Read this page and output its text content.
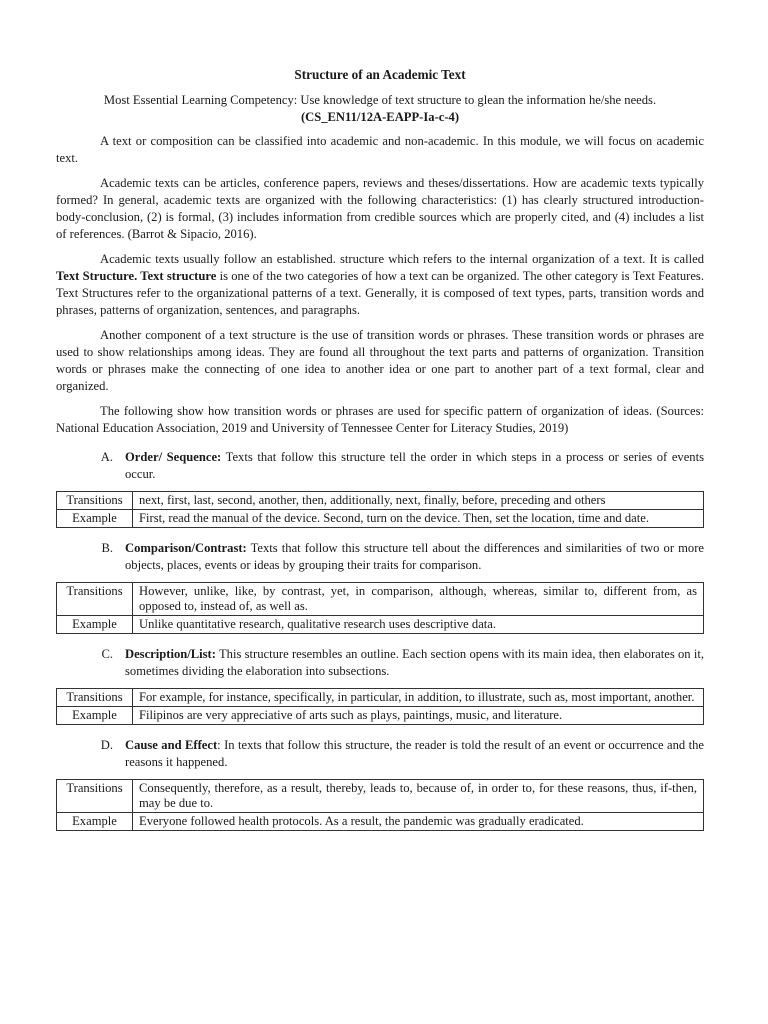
Structure of an Academic Text
Most Essential Learning Competency: Use knowledge of text structure to glean the information he/she needs.
(CS_EN11/12A-EAPP-Ia-c-4)

A text or composition can be classified into academic and non-academic. In this module, we will focus on academic text.

Academic texts can be articles, conference papers, reviews and theses/dissertations. How are academic texts typically formed? In general, academic texts are organized with the following characteristics: (1) has clearly structured introduction-body-conclusion, (2) is formal, (3) includes information from credible sources which are properly cited, and (4) includes a list of references. (Barrot & Sipacio, 2016).

Academic texts usually follow an established. structure which refers to the internal organization of a text. It is called Text Structure. Text structure is one of the two categories of how a text can be organized. The other category is Text Features. Text Structures refer to the organizational patterns of a text. Generally, it is composed of text types, parts, transition words and phrases, patterns of organization, sentences, and paragraphs.

Another component of a text structure is the use of transition words or phrases. These transition words or phrases are used to show relationships among ideas. They are found all throughout the text parts and patterns of organization. Transition words or phrases make the connecting of one idea to another idea or one part to another part of a text formal, clear and organized.

The following show how transition words or phrases are used for specific pattern of organization of ideas. (Sources: National Education Association, 2019 and University of Tennessee Center for Literacy Studies, 2019)

A. Order/ Sequence: Texts that follow this structure tell the order in which steps in a process or series of events occur.
Transitions	next, first, last, second, another, then, additionally, next, finally, before, preceding and others
Example	First, read the manual of the device. Second, turn on the device. Then, set the location, time and date.
B. Comparison/Contrast: Texts that follow this structure tell about the differences and similarities of two or more objects, places, events or ideas by grouping their traits for comparison.
Transitions	However, unlike, like, by contrast, yet, in comparison, although, whereas, similar to, different from, as opposed to, instead of, as well as.
Example	Unlike quantitative research, qualitative research uses descriptive data.
C. Description/List: This structure resembles an outline. Each section opens with its main idea, then elaborates on it, sometimes dividing the elaboration into subsections.
Transitions	For example, for instance, specifically, in particular, in addition, to illustrate, such as, most important, another.
Example	Filipinos are very appreciative of arts such as plays, paintings, music, and literature.
D. Cause and Effect: In texts that follow this structure, the reader is told the result of an event or occurrence and the reasons it happened.
Transitions	Consequently, therefore, as a result, thereby, leads to, because of, in order to, for these reasons, thus, if-then, may be due to.
Example	Everyone followed health protocols. As a result, the pandemic was gradually eradicated.
